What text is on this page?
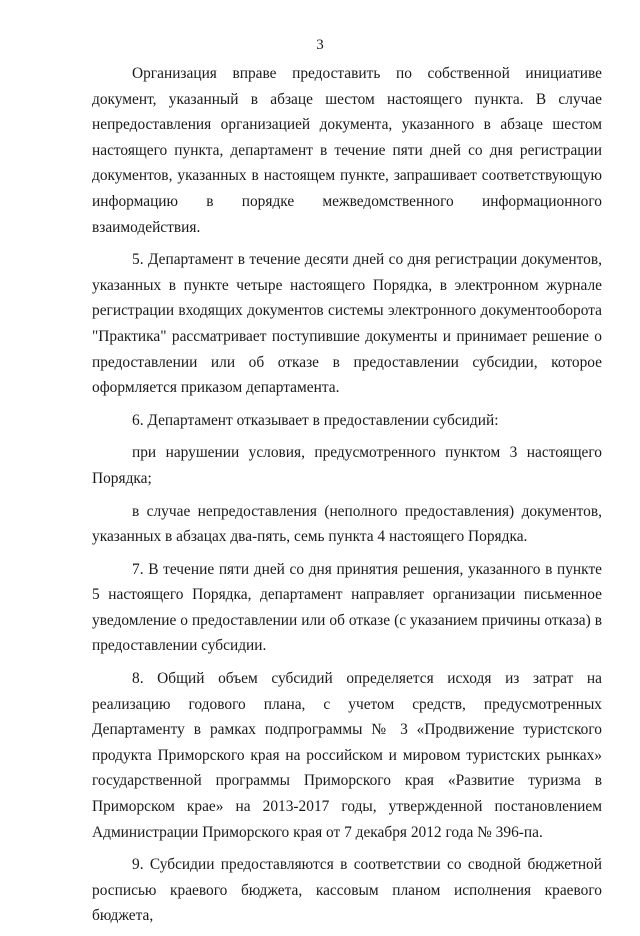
3

Организация вправе предоставить по собственной инициативе документ, указанный в абзаце шестом настоящего пункта. В случае непредоставления организацией документа, указанного в абзаце шестом настоящего пункта, департамент в течение пяти дней со дня регистрации документов, указанных в настоящем пункте, запрашивает соответствующую информацию в порядке межведомственного информационного взаимодействия.

5. Департамент в течение десяти дней со дня регистрации документов, указанных в пункте четыре настоящего Порядка, в электронном журнале регистрации входящих документов системы электронного документооборота "Практика" рассматривает поступившие документы и принимает решение о предоставлении или об отказе в предоставлении субсидии, которое оформляется приказом департамента.

6. Департамент отказывает в предоставлении субсидий:

при нарушении условия, предусмотренного пунктом 3 настоящего Порядка;

в случае непредоставления (неполного предоставления) документов, указанных в абзацах два-пять, семь пункта 4 настоящего Порядка.

7. В течение пяти дней со дня принятия решения, указанного в пункте 5 настоящего Порядка, департамент направляет организации письменное уведомление о предоставлении или об отказе (с указанием причины отказа) в предоставлении субсидии.

8. Общий объем субсидий определяется исходя из затрат на реализацию годового плана, с учетом средств, предусмотренных Департаменту в рамках подпрограммы № 3 «Продвижение туристского продукта Приморского края на российском и мировом туристских рынках» государственной программы Приморского края «Развитие туризма в Приморском крае» на 2013-2017 годы, утвержденной постановлением Администрации Приморского края от 7 декабря 2012 года № 396-па.

9. Субсидии предоставляются в соответствии со сводной бюджетной росписью краевого бюджета, кассовым планом исполнения краевого бюджета,
